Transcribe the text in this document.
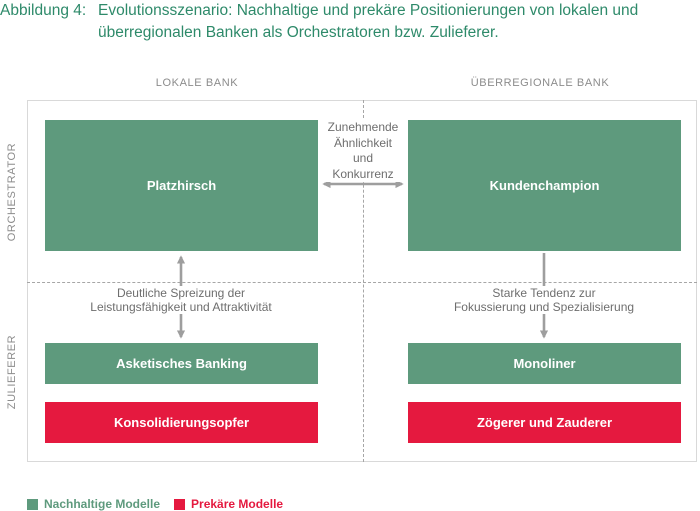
Abbildung 4: Evolutionsszenario: Nachhaltige und prekäre Positionierungen von lokalen und überregionalen Banken als Orchestratoren bzw. Zulieferer.
LOKALE BANK	ÜBERREGIONALE BANK
ORCHESTRATOR
ZULIEFERER
Platzhirsch	Kundenchampion
Asketisches Banking	Monoliner
Konsolidierungsopfer	Zögerer und Zauderer
Zunehmende
Ähnlichkeit
und
Konkurrenz
Deutliche Spreizung der
Leistungsfähigkeit und Attraktivität
Starke Tendenz zur
Fokussierung und Spezialisierung
Nachhaltige Modelle	Prekäre Modelle
